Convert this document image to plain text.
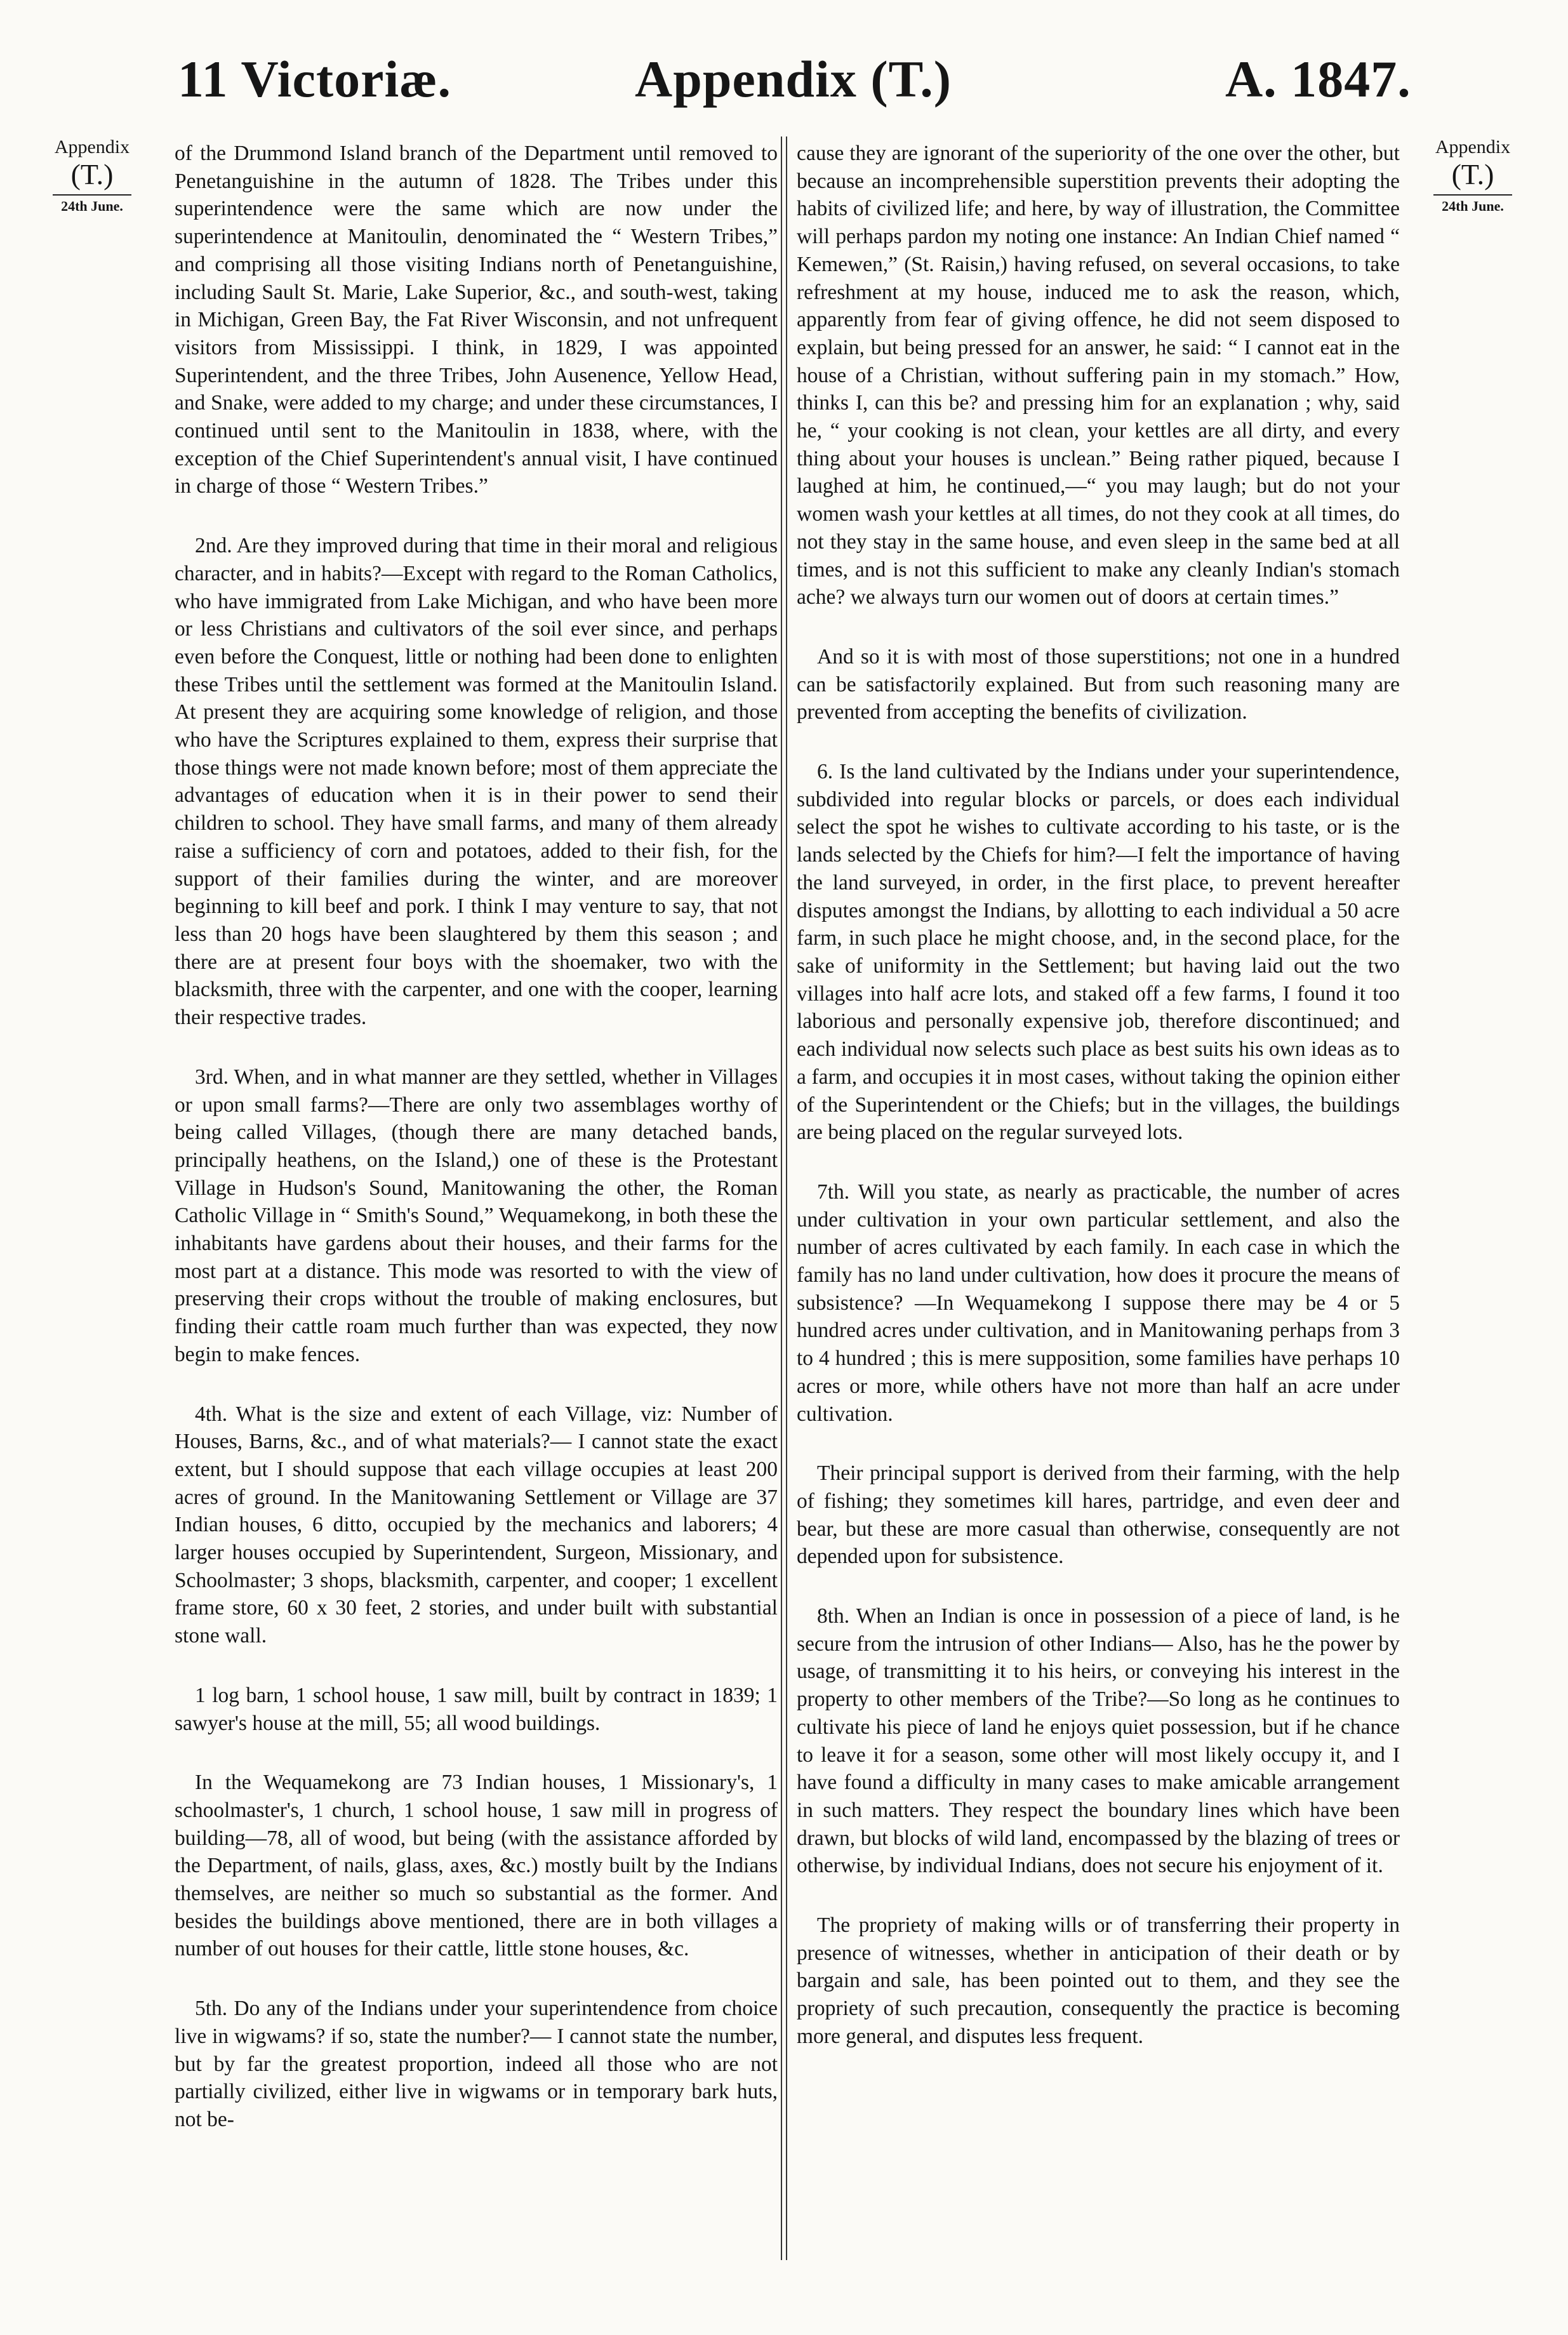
11 Victoriæ.	Appendix (T.)	A. 1847.
Appendix
(T.)
24th June.
Appendix
(T.)
24th June.

of the Drummond Island branch of the Department until removed to Penetanguishine in the autumn of 1828. The Tribes under this superintendence were the same which are now under the superintendence at Manitoulin, denominated the “ Western Tribes,” and comprising all those visiting Indians north of Penetanguishine, including Sault St. Marie, Lake Superior, &c., and south-west, taking in Michigan, Green Bay, the Fat River Wisconsin, and not unfrequent visitors from Mississippi. I think, in 1829, I was appointed Superintendent, and the three Tribes, John Ausenence, Yellow Head, and Snake, were added to my charge; and under these circumstances, I continued until sent to the Manitoulin in 1838, where, with the exception of the Chief Superintendent's annual visit, I have continued in charge of those “ Western Tribes.”

2nd. Are they improved during that time in their moral and religious character, and in habits?—Except with regard to the Roman Catholics, who have immigrated from Lake Michigan, and who have been more or less Christians and cultivators of the soil ever since, and perhaps even before the Conquest, little or nothing had been done to enlighten these Tribes until the settlement was formed at the Manitoulin Island. At present they are acquiring some knowledge of religion, and those who have the Scriptures explained to them, express their surprise that those things were not made known before; most of them appreciate the advantages of education when it is in their power to send their children to school. They have small farms, and many of them already raise a sufficiency of corn and potatoes, added to their fish, for the support of their families during the winter, and are moreover beginning to kill beef and pork. I think I may venture to say, that not less than 20 hogs have been slaughtered by them this season ; and there are at present four boys with the shoemaker, two with the blacksmith, three with the carpenter, and one with the cooper, learning their respective trades.

3rd. When, and in what manner are they settled, whether in Villages or upon small farms?—There are only two assemblages worthy of being called Villages, (though there are many detached bands, principally heathens, on the Island,) one of these is the Protestant Village in Hudson's Sound, Manitowaning the other, the Roman Catholic Village in “ Smith's Sound,” Wequamekong, in both these the inhabitants have gardens about their houses, and their farms for the most part at a distance. This mode was resorted to with the view of preserving their crops without the trouble of making enclosures, but finding their cattle roam much further than was expected, they now begin to make fences.

4th. What is the size and extent of each Village, viz: Number of Houses, Barns, &c., and of what materials?— I cannot state the exact extent, but I should suppose that each village occupies at least 200 acres of ground. In the Manitowaning Settlement or Village are 37 Indian houses, 6 ditto, occupied by the mechanics and laborers; 4 larger houses occupied by Superintendent, Surgeon, Missionary, and Schoolmaster; 3 shops, blacksmith, carpenter, and cooper; 1 excellent frame store, 60 x 30 feet, 2 stories, and under built with substantial stone wall.

1 log barn, 1 school house, 1 saw mill, built by contract in 1839; 1 sawyer's house at the mill, 55; all wood buildings.

In the Wequamekong are 73 Indian houses, 1 Missionary's, 1 schoolmaster's, 1 church, 1 school house, 1 saw mill in progress of building—78, all of wood, but being (with the assistance afforded by the Department, of nails, glass, axes, &c.) mostly built by the Indians themselves, are neither so much so substantial as the former. And besides the buildings above mentioned, there are in both villages a number of out houses for their cattle, little stone houses, &c.

5th. Do any of the Indians under your superintendence from choice live in wigwams? if so, state the number?— I cannot state the number, but by far the greatest proportion, indeed all those who are not partially civilized, either live in wigwams or in temporary bark huts, not be-

cause they are ignorant of the superiority of the one over the other, but because an incomprehensible superstition prevents their adopting the habits of civilized life; and here, by way of illustration, the Committee will perhaps pardon my noting one instance: An Indian Chief named “ Kemewen,” (St. Raisin,) having refused, on several occasions, to take refreshment at my house, induced me to ask the reason, which, apparently from fear of giving offence, he did not seem disposed to explain, but being pressed for an answer, he said: “ I cannot eat in the house of a Christian, without suffering pain in my stomach.” How, thinks I, can this be? and pressing him for an explanation ; why, said he, “ your cooking is not clean, your kettles are all dirty, and every thing about your houses is unclean.” Being rather piqued, because I laughed at him, he continued,—“ you may laugh; but do not your women wash your kettles at all times, do not they cook at all times, do not they stay in the same house, and even sleep in the same bed at all times, and is not this sufficient to make any cleanly Indian's stomach ache? we always turn our women out of doors at certain times.”

And so it is with most of those superstitions; not one in a hundred can be satisfactorily explained. But from such reasoning many are prevented from accepting the benefits of civilization.

6. Is the land cultivated by the Indians under your superintendence, subdivided into regular blocks or parcels, or does each individual select the spot he wishes to cultivate according to his taste, or is the lands selected by the Chiefs for him?—I felt the importance of having the land surveyed, in order, in the first place, to prevent hereafter disputes amongst the Indians, by allotting to each individual a 50 acre farm, in such place he might choose, and, in the second place, for the sake of uniformity in the Settlement; but having laid out the two villages into half acre lots, and staked off a few farms, I found it too laborious and personally expensive job, therefore discontinued; and each individual now selects such place as best suits his own ideas as to a farm, and occupies it in most cases, without taking the opinion either of the Superintendent or the Chiefs; but in the villages, the buildings are being placed on the regular surveyed lots.

7th. Will you state, as nearly as practicable, the number of acres under cultivation in your own particular settlement, and also the number of acres cultivated by each family. In each case in which the family has no land under cultivation, how does it procure the means of subsistence? —In Wequamekong I suppose there may be 4 or 5 hundred acres under cultivation, and in Manitowaning perhaps from 3 to 4 hundred ; this is mere supposition, some families have perhaps 10 acres or more, while others have not more than half an acre under cultivation.

Their principal support is derived from their farming, with the help of fishing; they sometimes kill hares, partridge, and even deer and bear, but these are more casual than otherwise, consequently are not depended upon for subsistence.

8th. When an Indian is once in possession of a piece of land, is he secure from the intrusion of other Indians— Also, has he the power by usage, of transmitting it to his heirs, or conveying his interest in the property to other members of the Tribe?—So long as he continues to cultivate his piece of land he enjoys quiet possession, but if he chance to leave it for a season, some other will most likely occupy it, and I have found a difficulty in many cases to make amicable arrangement in such matters. They respect the boundary lines which have been drawn, but blocks of wild land, encompassed by the blazing of trees or otherwise, by individual Indians, does not secure his enjoyment of it.

The propriety of making wills or of transferring their property in presence of witnesses, whether in anticipation of their death or by bargain and sale, has been pointed out to them, and they see the propriety of such precaution, consequently the practice is becoming more general, and disputes less frequent.
